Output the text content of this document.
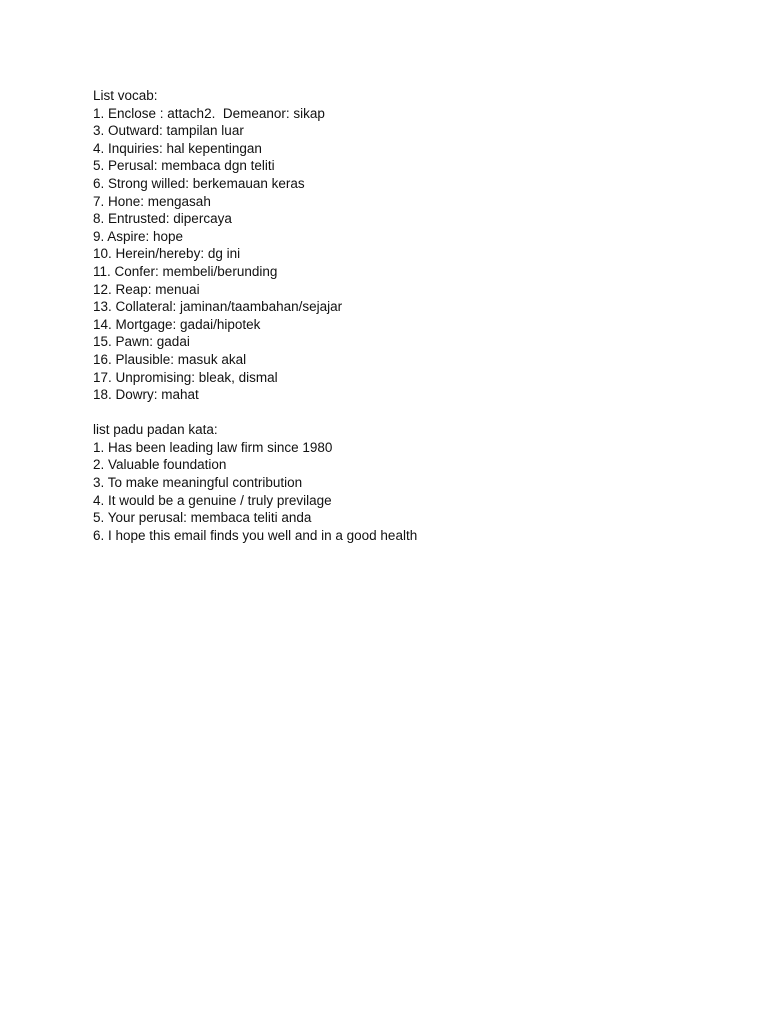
List vocab:
1. Enclose : attach2.  Demeanor: sikap
3. Outward: tampilan luar
4. Inquiries: hal kepentingan
5. Perusal: membaca dgn teliti
6. Strong willed: berkemauan keras
7. Hone: mengasah
8. Entrusted: dipercaya
9. Aspire: hope
10. Herein/hereby: dg ini
11. Confer: membeli/berunding
12. Reap: menuai
13. Collateral: jaminan/taambahan/sejajar
14. Mortgage: gadai/hipotek
15. Pawn: gadai
16. Plausible: masuk akal
17. Unpromising: bleak, dismal
18. Dowry: mahat
list padu padan kata:
1. Has been leading law firm since 1980
2. Valuable foundation
3. To make meaningful contribution
4. It would be a genuine / truly previlage
5. Your perusal: membaca teliti anda
6. I hope this email finds you well and in a good health
